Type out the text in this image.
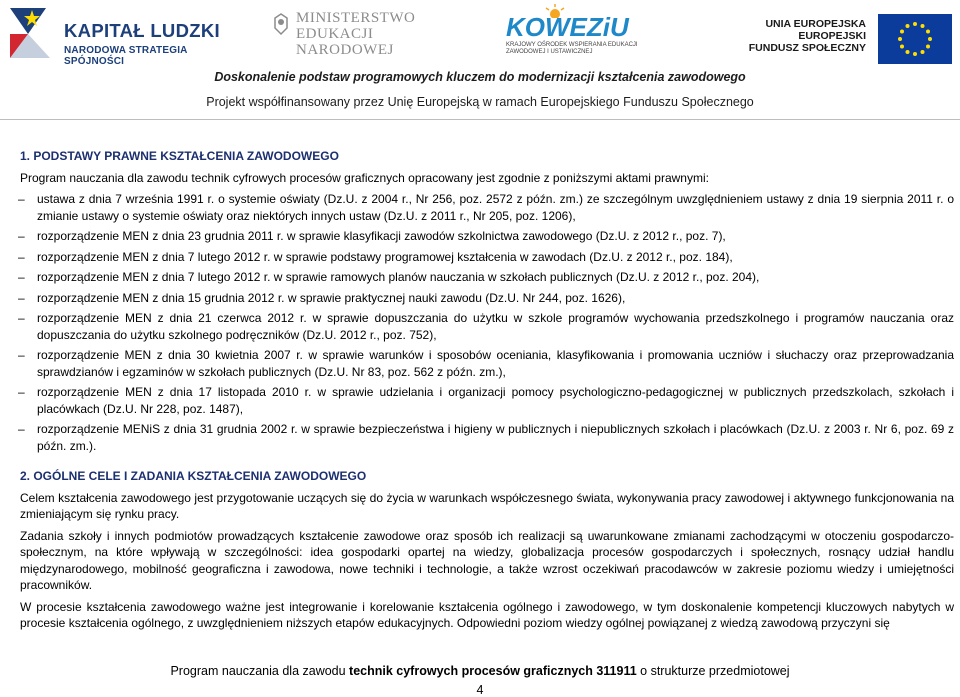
KAPITAŁ LUDZKI
NARODOWA STRATEGIA SPÓJNOŚCI
MINISTERSTWO
EDUKACJI
NARODOWEJ
KOWEZiU
KRAJOWY OŚRODEK WSPIERANIA EDUKACJI ZAWODOWEJ I USTAWICZNEJ
UNIA EUROPEJSKA
EUROPEJSKI
FUNDUSZ SPOŁECZNY
Doskonalenie podstaw programowych kluczem do modernizacji kształcenia zawodowego
Projekt współfinansowany przez Unię Europejską w ramach Europejskiego Funduszu Społecznego

1. PODSTAWY PRAWNE KSZTAŁCENIA ZAWODOWEGO

Program nauczania dla zawodu technik cyfrowych procesów graficznych opracowany jest zgodnie z poniższymi aktami prawnymi:

– ustawa z dnia 7 września 1991 r. o systemie oświaty (Dz.U. z 2004 r., Nr 256, poz. 2572 z późn. zm.) ze szczególnym uwzględnieniem ustawy z dnia 19 sierpnia 2011 r. o zmianie ustawy o systemie oświaty oraz niektórych innych ustaw (Dz.U. z 2011 r., Nr 205, poz. 1206),
– rozporządzenie MEN z dnia 23 grudnia 2011 r. w sprawie klasyfikacji zawodów szkolnictwa zawodowego (Dz.U. z 2012 r., poz. 7),
– rozporządzenie MEN z dnia 7 lutego 2012 r. w sprawie podstawy programowej kształcenia w zawodach (Dz.U. z 2012 r., poz. 184),
– rozporządzenie MEN z dnia 7 lutego 2012 r. w sprawie ramowych planów nauczania w szkołach publicznych (Dz.U. z 2012 r., poz. 204),
– rozporządzenie MEN z dnia 15 grudnia 2012 r. w sprawie praktycznej nauki zawodu (Dz.U. Nr 244, poz. 1626),
– rozporządzenie MEN z dnia 21 czerwca 2012 r. w sprawie dopuszczania do użytku w szkole programów wychowania przedszkolnego i programów nauczania oraz dopuszczania do użytku szkolnego podręczników (Dz.U. 2012 r., poz. 752),
– rozporządzenie MEN z dnia 30 kwietnia 2007 r. w sprawie warunków i sposobów oceniania, klasyfikowania i promowania uczniów i słuchaczy oraz przeprowadzania sprawdzianów i egzaminów w szkołach publicznych (Dz.U. Nr 83, poz. 562 z późn. zm.),
– rozporządzenie MEN z dnia 17 listopada 2010 r. w sprawie udzielania i organizacji pomocy psychologiczno-pedagogicznej w publicznych przedszkolach, szkołach i placówkach (Dz.U. Nr 228, poz. 1487),
– rozporządzenie MENiS z dnia 31 grudnia 2002 r. w sprawie bezpieczeństwa i higieny w publicznych i niepublicznych szkołach i placówkach (Dz.U. z 2003 r. Nr 6, poz. 69 z późn. zm.).

2. OGÓLNE CELE I ZADANIA KSZTAŁCENIA ZAWODOWEGO

Celem kształcenia zawodowego jest przygotowanie uczących się do życia w warunkach współczesnego świata, wykonywania pracy zawodowej i aktywnego funkcjonowania na zmieniającym się rynku pracy.

Zadania szkoły i innych podmiotów prowadzących kształcenie zawodowe oraz sposób ich realizacji są uwarunkowane zmianami zachodzącymi w otoczeniu gospodarczo-społecznym, na które wpływają w szczególności: idea gospodarki opartej na wiedzy, globalizacja procesów gospodarczych i społecznych, rosnący udział handlu międzynarodowego, mobilność geograficzna i zawodowa, nowe techniki i technologie, a także wzrost oczekiwań pracodawców w zakresie poziomu wiedzy i umiejętności pracowników.

W procesie kształcenia zawodowego ważne jest integrowanie i korelowanie kształcenia ogólnego i zawodowego, w tym doskonalenie kompetencji kluczowych nabytych w procesie kształcenia ogólnego, z uwzględnieniem niższych etapów edukacyjnych. Odpowiedni poziom wiedzy ogólnej powiązanej z wiedzą zawodową przyczyni się

Program nauczania dla zawodu technik cyfrowych procesów graficznych 311911 o strukturze przedmiotowej
4
